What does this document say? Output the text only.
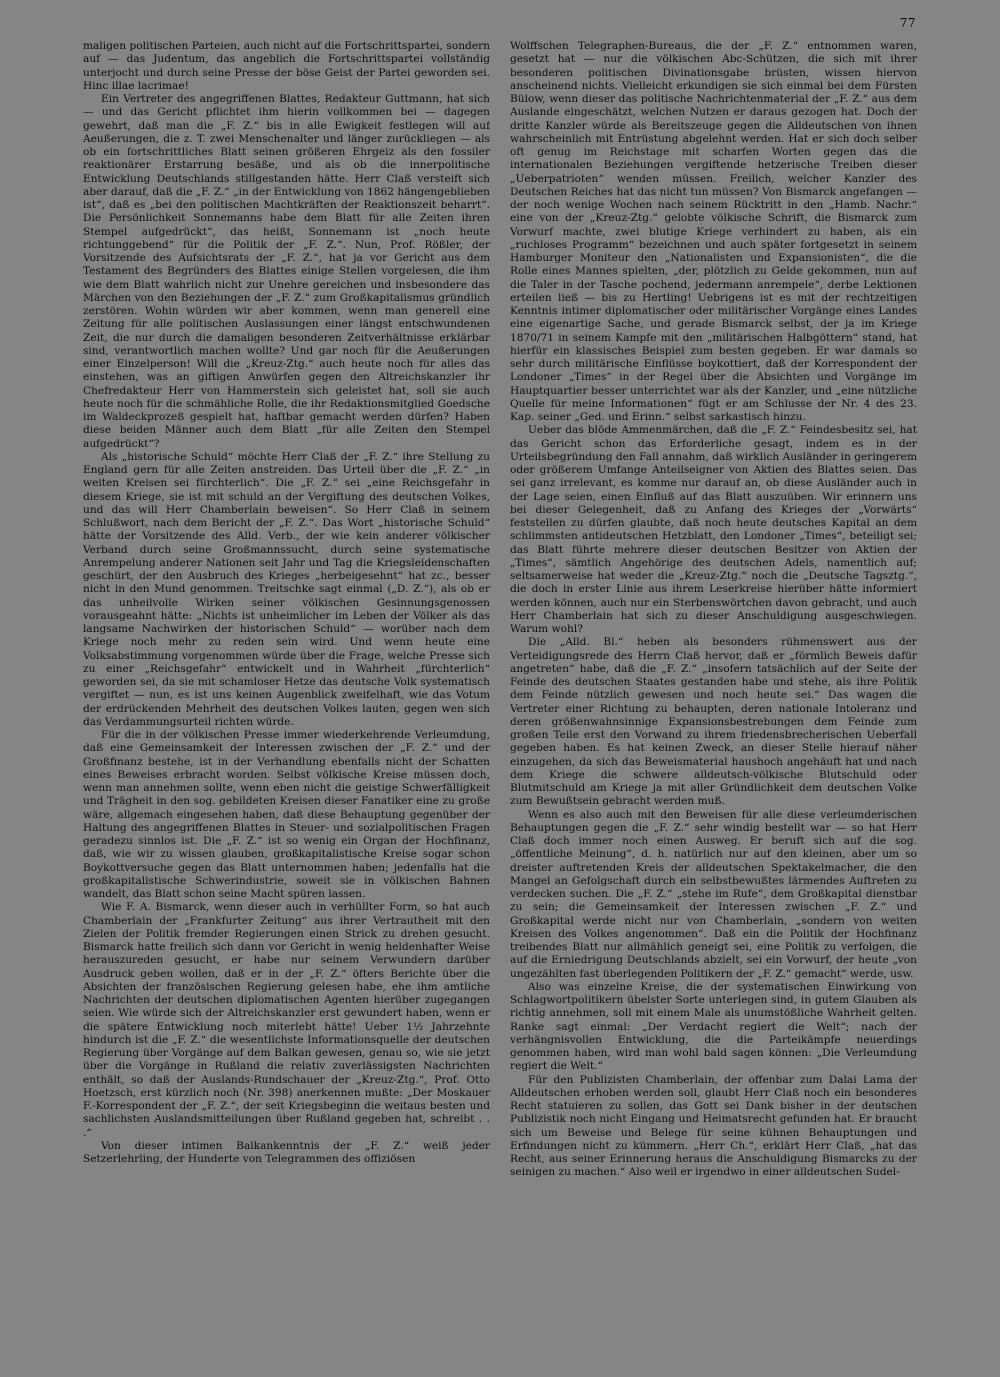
77

maligen politischen Parteien, auch nicht auf die Fortschrittspartei, sondern auf — das Judentum, das angeblich die Fortschrittspartei vollständig unterjocht und durch seine Presse der böse Geist der Partei geworden sei. Hinc illae lacrimae!

Ein Vertreter des angegriffenen Blattes, Redakteur Guttmann, hat sich — und das Gericht pflichtet ihm hierin vollkommen bei — dagegen gewehrt, daß man die „F. Z.“ bis in alle Ewigkeit festlegen will auf Aeußerungen, die z. T. zwei Menschenalter und länger zurückliegen — als ob ein fortschrittliches Blatt seinen größeren Ehrgeiz als den fossiler reaktionärer Erstarrung besäße, und als ob die innerpolitische Entwicklung Deutschlands stillgestanden hätte. Herr Claß versteift sich aber darauf, daß die „F. Z.“ „in der Entwicklung von 1862 hängengeblieben ist“, daß es „bei den politischen Machtkräften der Reaktionszeit beharrt“. Die Persönlichkeit Sonnemanns habe dem Blatt für alle Zeiten ihren Stempel aufgedrückt“, das heißt, Sonnemann ist „noch heute richtunggebend“ für die Politik der „F. Z.“. Nun, Prof. Rößler, der Vorsitzende des Aufsichtsrats der „F. Z.“, hat ja vor Gericht aus dem Testament des Begründers des Blattes einige Stellen vorgelesen, die ihm wie dem Blatt wahrlich nicht zur Unehre gereichen und insbesondere das Märchen von den Beziehungen der „F. Z.“ zum Großkapitalismus gründlich zerstören. Wohin würden wir aber kommen, wenn man generell eine Zeitung für alle politischen Auslassungen einer längst entschwundenen Zeit, die nur durch die damaligen besonderen Zeitverhältnisse erklärbar sind, verantwortlich machen wollte? Und gar noch für die Aeußerungen einer Einzelperson! Will die „Kreuz-Ztg.“ auch heute noch für alles das einstehen, was an giftigen Anwürfen gegen den Altreichskanzler ihr Chefredakteur Herr von Hammerstein sich geleistet hat, soll sie auch heute noch für die schmähliche Rolle, die ihr Redaktionsmitglied Goedsche im Waldeckprozeß gespielt hat, haftbar gemacht werden dürfen? Haben diese beiden Männer auch dem Blatt „für alle Zeiten den Stempel aufgedrückt“?

Als „historische Schuld“ möchte Herr Claß der „F. Z.“ ihre Stellung zu England gern für alle Zeiten anstreiden. Das Urteil über die „F. Z.“ „in weiten Kreisen sei fürchterlich“. Die „F. Z.“ sei „eine Reichsgefahr in diesem Kriege, sie ist mit schuld an der Vergiftung des deutschen Volkes, und das will Herr Chamberlain beweisen“. So Herr Claß in seinem Schlußwort, nach dem Bericht der „F. Z.“. Das Wort „historische Schuld“ hätte der Vorsitzende des Alld. Verb., der wie kein anderer völkischer Verband durch seine Großmannssucht, durch seine systematische Anrempelung anderer Nationen seit Jahr und Tag die Kriegsleidenschaften geschürt, der den Ausbruch des Krieges „herbeigesehnt“ hat zc., besser nicht in den Mund genommen. Treitschke sagt einmal („D. Z.“), als ob er das unheilvolle Wirken seiner völkischen Gesinnungsgenossen vorausgeahnt hätte: „Nichts ist unheimlicher im Leben der Völker als das langsame Nachwirken der historischen Schuld“ — worüber nach dem Kriege noch mehr zu reden sein wird. Und wenn heute eine Volksabstimmung vorgenommen würde über die Frage, welche Presse sich zu einer „Reichsgefahr“ entwickelt und in Wahrheit „fürchterlich“ geworden sei, da sie mit schamloser Hetze das deutsche Volk systematisch vergiftet — nun, es ist uns keinen Augenblick zweifelhaft, wie das Votum der erdrückenden Mehrheit des deutschen Volkes lauten, gegen wen sich das Verdammungsurteil richten würde.

Für die in der völkischen Presse immer wiederkehrende Verleumdung, daß eine Gemeinsamkeit der Interessen zwischen der „F. Z.“ und der Großfinanz bestehe, ist in der Verhandlung ebenfalls nicht der Schatten eines Beweises erbracht worden. Selbst völkische Kreise müssen doch, wenn man annehmen sollte, wenn eben nicht die geistige Schwerfälligkeit und Trägheit in den sog. gebildeten Kreisen dieser Fanatiker eine zu große wäre, allgemach eingesehen haben, daß diese Behauptung gegenüber der Haltung des angegriffenen Blattes in Steuer- und sozialpolitischen Fragen geradezu sinnlos ist. Die „F. Z.“ ist so wenig ein Organ der Hochfinanz, daß, wie wir zu wissen glauben, großkapitalistische Kreise sogar schon Boykottversuche gegen das Blatt unternommen haben; jedenfalls hat die großkapitalistische Schwerindustrie, soweit sie in völkischen Bahnen wandelt, das Blatt schon seine Macht spüren lassen.

Wie F. A. Bismarck, wenn dieser auch in verhüllter Form, so hat auch Chamberlain der „Frankfurter Zeitung“ aus ihrer Vertrautheit mit den Zielen der Politik fremder Regierungen einen Strick zu drehen gesucht. Bismarck hatte freilich sich dann vor Gericht in wenig heldenhafter Weise herauszureden gesucht, er habe nur seinem Verwundern darüber Ausdruck geben wollen, daß er in der „F. Z.“ öfters Berichte über die Absichten der französischen Regierung gelesen habe, ehe ihm amtliche Nachrichten der deutschen diplomatischen Agenten hierüber zugegangen seien. Wie würde sich der Altreichskanzler erst gewundert haben, wenn er die spätere Entwicklung noch miterlebt hätte! Ueber 1½ Jahrzehnte hindurch ist die „F. Z.“ die wesentlichste Informationsquelle der deutschen Regierung über Vorgänge auf dem Balkan gewesen, genau so, wie sie jetzt über die Vorgänge in Rußland die relativ zuverlässigsten Nachrichten enthält, so daß der Auslands-Rundschauer der „Kreuz-Ztg.“, Prof. Otto Hoetzsch, erst kürzlich noch (Nr. 398) anerkennen mußte: „Der Moskauer F.-Korrespondent der „F. Z.“, der seit Kriegsbeginn die weitaus besten und sachlichsten Auslandsmitteilungen über Rußland gegeben hat, schreibt . . .“

Von dieser intimen Balkankenntnis der „F. Z.“ weiß jeder Setzerlehrling, der Hunderte von Telegrammen des offiziösen

Wolffschen Telegraphen-Bureaus, die der „F. Z.“ entnommen waren, gesetzt hat — nur die völkischen Abc-Schützen, die sich mit ihrer besonderen politischen Divinationsgabe brüsten, wissen hiervon anscheinend nichts. Vielleicht erkundigen sie sich einmal bei dem Fürsten Bülow, wenn dieser das politische Nachrichtenmaterial der „F. Z.“ aus dem Auslande eingeschätzt, welchen Nutzen er daraus gezogen hat. Doch der dritte Kanzler würde als Bereitszeuge gegen die Alldeutschen von ihnen wahrscheinlich mit Entrüstung abgelehnt werden. Hat er sich doch selber oft genug im Reichstage mit scharfen Worten gegen das die internationalen Beziehungen vergiftende hetzerische Treiben dieser „Ueberpatrioten“ wenden müssen. Freilich, welcher Kanzler des Deutschen Reiches hat das nicht tun müssen? Von Bismarck angefangen — der noch wenige Wochen nach seinem Rücktritt in den „Hamb. Nachr.“ eine von der „Kreuz-Ztg.“ gelobte völkische Schrift, die Bismarck zum Vorwurf machte, zwei blutige Kriege verhindert zu haben, als ein „ruchloses Programm“ bezeichnen und auch später fortgesetzt in seinem Hamburger Moniteur den „Nationalisten und Expansionisten“, die die Rolle eines Mannes spielten, „der, plötzlich zu Gelde gekommen, nun auf die Taler in der Tasche pochend, jedermann anrempele“, derbe Lektionen erteilen ließ — bis zu Hertling! Uebrigens ist es mit der rechtzeitigen Kenntnis intimer diplomatischer oder militärischer Vorgänge eines Landes eine eigenartige Sache, und gerade Bismarck selbst, der ja im Kriege 1870/71 in seinem Kampfe mit den „militärischen Halbgöttern“ stand, hat hierfür ein klassisches Beispiel zum besten gegeben. Er war damals so sehr durch militärische Einflüsse boykottiert, daß der Korrespondent der Londoner „Times“ in der Regel über die Absichten und Vorgänge im Hauptquartier besser unterrichtet war als der Kanzler, und „eine nützliche Quelle für meine Informationen“ fügt er am Schlusse der Nr. 4 des 23. Kap. seiner „Ged. und Erinn.“ selbst sarkastisch hinzu.

Ueber das blöde Ammenmärchen, daß die „F. Z.“ Feindesbesitz sei, hat das Gericht schon das Erforderliche gesagt, indem es in der Urteilsbegründung den Fall annahm, daß wirklich Ausländer in geringerem oder größerem Umfange Anteilseigner von Aktien des Blattes seien. Das sei ganz irrelevant, es komme nur darauf an, ob diese Ausländer auch in der Lage seien, einen Einfluß auf das Blatt auszuüben. Wir erinnern uns bei dieser Gelegenheit, daß zu Anfang des Krieges der „Vorwärts“ feststellen zu dürfen glaubte, daß noch heute deutsches Kapital an dem schlimmsten antideutschen Hetzblatt, den Londoner „Times“, beteiligt sei; das Blatt führte mehrere dieser deutschen Besitzer von Aktien der „Times“, sämtlich Angehörige des deutschen Adels, namentlich auf; seltsamerweise hat weder die „Kreuz-Ztg.“ noch die „Deutsche Tagsztg.“, die doch in erster Linie aus ihrem Leserkreise hierüber hätte informiert werden können, auch nur ein Sterbenswörtchen davon gebracht, und auch Herr Chamberlain hat sich zu dieser Anschuldigung ausgeschwiegen. Warum wohl?

Die „Alld. Bl.“ heben als besonders rühmenswert aus der Verteidigungsrede des Herrn Claß hervor, daß er „förmlich Beweis dafür angetreten“ habe, daß die „F. Z.“ „insofern tatsächlich auf der Seite der Feinde des deutschen Staates gestanden habe und stehe, als ihre Politik dem Feinde nützlich gewesen und noch heute sei.“ Das wagen die Vertreter einer Richtung zu behaupten, deren nationale Intoleranz und deren größenwahnsinnige Expansionsbestrebungen dem Feinde zum großen Teile erst den Vorwand zu ihrem friedensbrecherischen Ueberfall gegeben haben. Es hat keinen Zweck, an dieser Stelle hierauf näher einzugehen, da sich das Beweismaterial haushoch angehäuft hat und nach dem Kriege die schwere alldeutsch-völkische Blutschuld oder Blutmitschuld am Kriege ja mit aller Gründlichkeit dem deutschen Volke zum Bewußtsein gebracht werden muß.

Wenn es also auch mit den Beweisen für alle diese verleumderischen Behauptungen gegen die „F. Z.“ sehr windig bestellt war — so hat Herr Claß doch immer noch einen Ausweg. Er beruft sich auf die sog. „öffentliche Meinung“, d. h. natürlich nur auf den kleinen, aber um so dreister auftretenden Kreis der alldeutschen Spektakelmacher, die den Mangel an Gefolgschaft durch ein selbstbewußtes lärmendes Auftreten zu verdecken suchen. Die „F. Z.“ „stehe im Rufe“, dem Großkapital dienstbar zu sein; die Gemeinsamkeit der Interessen zwischen „F. Z.“ und Großkapital werde nicht nur von Chamberlain, „sondern von weiten Kreisen des Volkes angenommen“. Daß ein die Politik der Hochfinanz treibendes Blatt nur allmählich geneigt sei, eine Politik zu verfolgen, die auf die Erniedrigung Deutschlands abzielt, sei ein Vorwurf, der heute „von ungezählten fast überlegenden Politikern der „F. Z.“ gemacht“ werde, usw.

Also was einzelne Kreise, die der systematischen Einwirkung von Schlagwortpolitikern übelster Sorte unterlegen sind, in gutem Glauben als richtig annehmen, soll mit einem Male als unumstößliche Wahrheit gelten. Ranke sagt einmal: „Der Verdacht regiert die Welt“; nach der verhängnisvollen Entwicklung, die die Parteikämpfe neuerdings genommen haben, wird man wohl bald sagen können: „Die Verleumdung regiert die Welt.“

Für den Publizisten Chamberlain, der offenbar zum Dalai Lama der Alldeutschen erhoben werden soll, glaubt Herr Claß noch ein besonderes Recht statuieren zu sollen, das Gott sei Dank bisher in der deutschen Publizistik noch nicht Eingang und Heimatsrecht gefunden hat. Er braucht sich um Beweise und Belege für seine kühnen Behauptungen und Erfindungen nicht zu kümmern. „Herr Ch.“, erklärt Herr Claß, „hat das Recht, aus seiner Erinnerung heraus die Anschuldigung Bismarcks zu der seinigen zu machen.“ Also weil er irgendwo in einer alldeutschen Sudel-
